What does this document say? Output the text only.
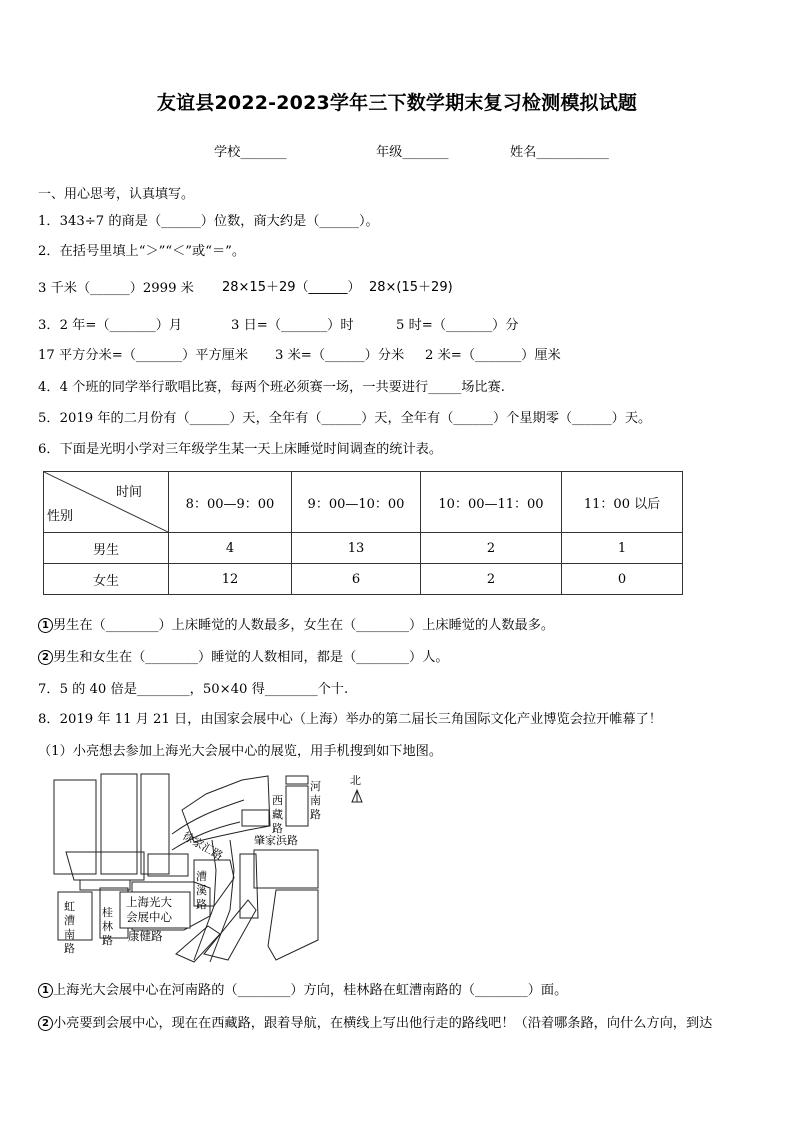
友谊县2022-2023学年三下数学期末复习检测模拟试题
学校_______	年级_______	姓名___________
一、用心思考，认真填写。
1．343÷7 的商是（______）位数，商大约是（______）。
2．在括号里填上“＞”“＜”或“＝”。
3 千米（______）2999 米 28×15＋29（______） 28×(15＋29)
3．2 年=（_______）月	3 日=（_______）时	5 时=（_______）分
17 平方分米=（_______）平方厘米 3 米=（______）分米 2 米=（_______）厘米
4．4 个班的同学举行歌唱比赛，每两个班必须赛一场，一共要进行_____场比赛.
5．2019 年的二月份有（______）天，全年有（______）天，全年有（______）个星期零（______）天。
6．下面是光明小学对三年级学生某一天上床睡觉时间调查的统计表。
时间
性别	8：00—9：00	9：00—10：00	10：00—11：00	11：00 以后
男生	4	13	2	1
女生	12	6	2	0
1 男生在（________）上床睡觉的人数最多，女生在（________）上床睡觉的人数最多。
2 男生和女生在（________）睡觉的人数相同，都是（________）人。
7．5 的 40 倍是________，50×40 得________个十.
8．2019 年 11 月 21 日，由国家会展中心（上海）举办的第二届长三角国际文化产业博览会拉开帷幕了！
（1）小亮想去参加上海光大会展中心的展览，用手机搜到如下地图。
北
西
藏
路
河
南
路
徐家汇路	肇家浜路
漕
溪
路
虹
漕
南
路
桂
林
路
上海光大
会展中心
康健路
1 上海光大会展中心在河南路的（________）方向，桂林路在虹漕南路的（________）面。
2 小亮要到会展中心，现在在西藏路，跟着导航，在横线上写出他行走的路线吧！（沿着哪条路，向什么方向，到达
